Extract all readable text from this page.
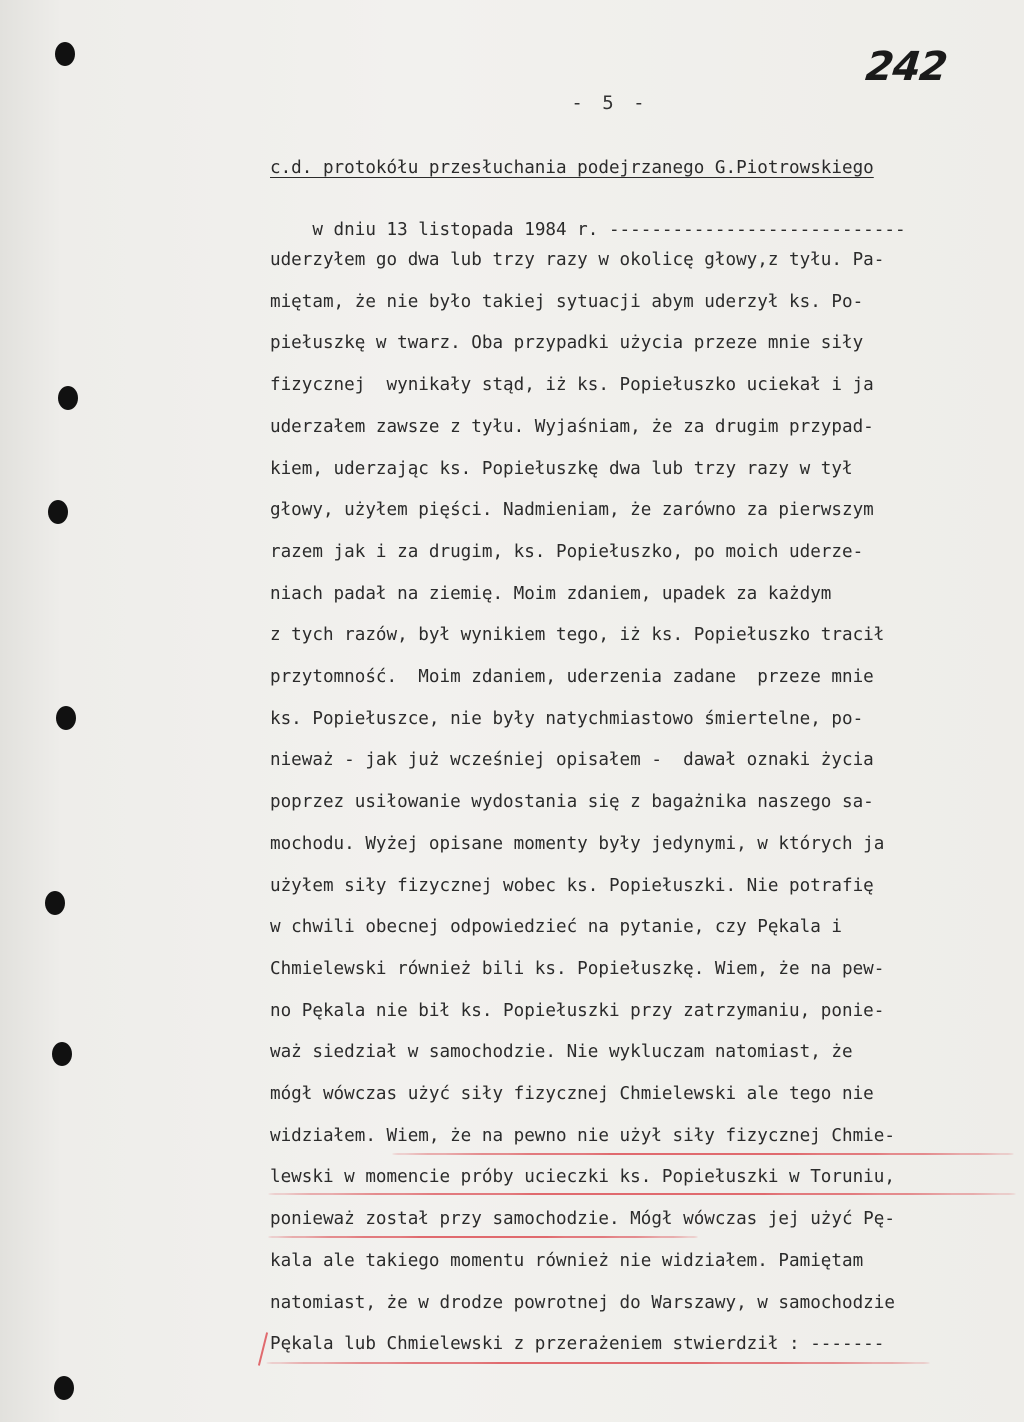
242
- 5 -
c.d. protokółu przesłuchania podejrzanego G.Piotrowskiego

w dniu 13 listopada 1984 r. ----------------------------

uderzyłem go dwa lub trzy razy w okolicę głowy,z tyłu. Pa-
miętam, że nie było takiej sytuacji abym uderzył ks. Po-
piełuszkę w twarz. Oba przypadki użycia przeze mnie siły
fizycznej  wynikały stąd, iż ks. Popiełuszko uciekał i ja
uderzałem zawsze z tyłu. Wyjaśniam, że za drugim przypad-
kiem, uderzając ks. Popiełuszkę dwa lub trzy razy w tył
głowy, użyłem pięści. Nadmieniam, że zarówno za pierwszym
razem jak i za drugim, ks. Popiełuszko, po moich uderze-
niach padał na ziemię. Moim zdaniem, upadek za każdym
z tych razów, był wynikiem tego, iż ks. Popiełuszko tracił
przytomność.  Moim zdaniem, uderzenia zadane  przeze mnie
ks. Popiełuszce, nie były natychmiastowo śmiertelne, po-
nieważ - jak już wcześniej opisałem -  dawał oznaki życia
poprzez usiłowanie wydostania się z bagażnika naszego sa-
mochodu. Wyżej opisane momenty były jedynymi, w których ja
użyłem siły fizycznej wobec ks. Popiełuszki. Nie potrafię
w chwili obecnej odpowiedzieć na pytanie, czy Pękala i
Chmielewski również bili ks. Popiełuszkę. Wiem, że na pew-
no Pękala nie bił ks. Popiełuszki przy zatrzymaniu, ponie-
waż siedział w samochodzie. Nie wykluczam natomiast, że
mógł wówczas użyć siły fizycznej Chmielewski ale tego nie
widziałem. Wiem, że na pewno nie użył siły fizycznej Chmie-
lewski w momencie próby ucieczki ks. Popiełuszki w Toruniu,
ponieważ został przy samochodzie. Mógł wówczas jej użyć Pę-
kala ale takiego momentu również nie widziałem. Pamiętam
natomiast, że w drodze powrotnej do Warszawy, w samochodzie
Pękala lub Chmielewski z przerażeniem stwierdził : -------
